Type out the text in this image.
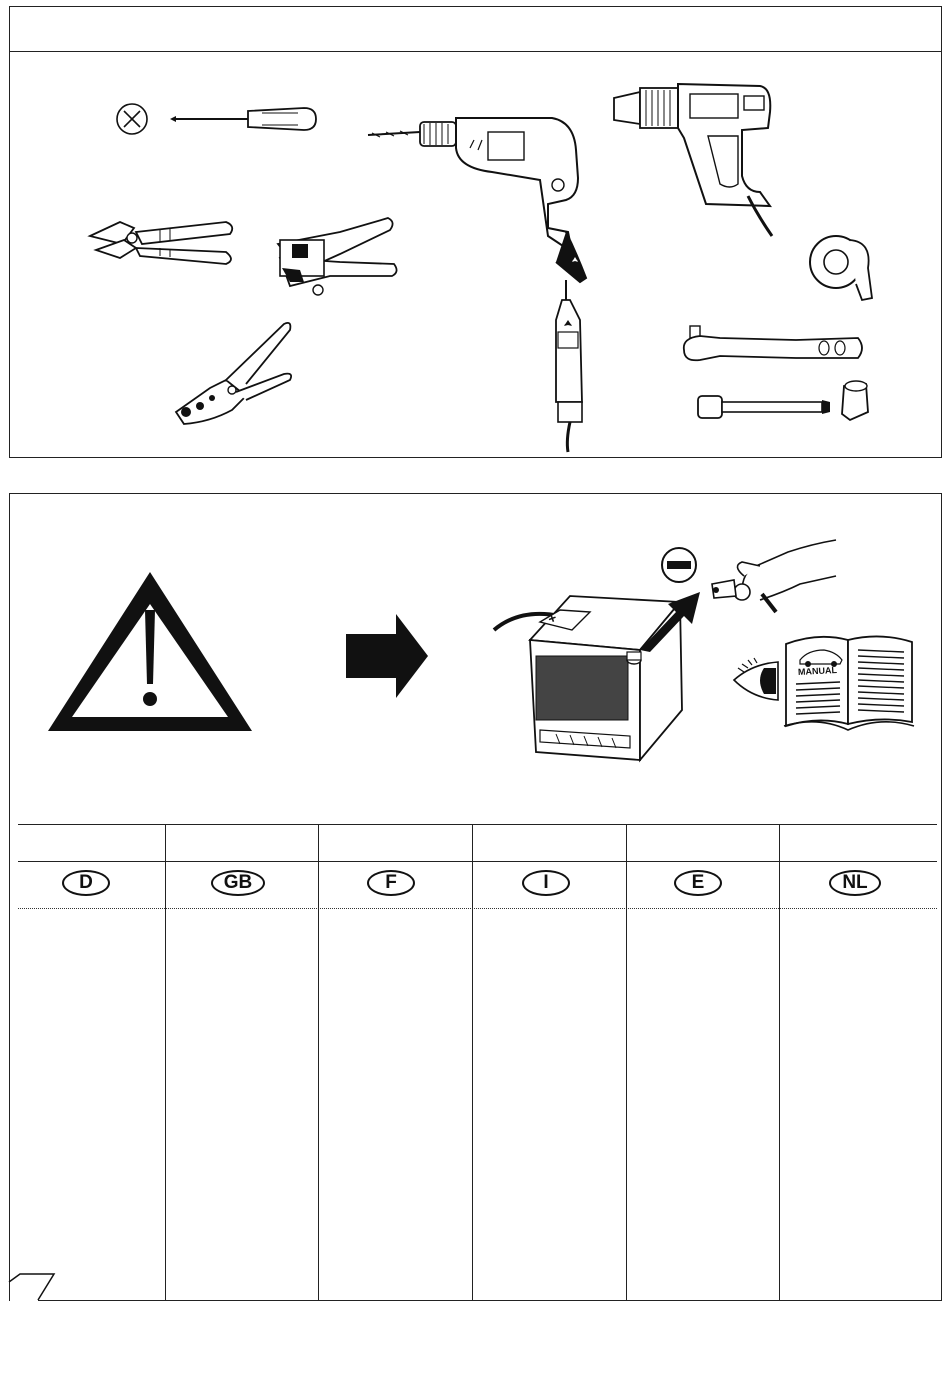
+
MANUAL
D	GB	F	I	E	NL
